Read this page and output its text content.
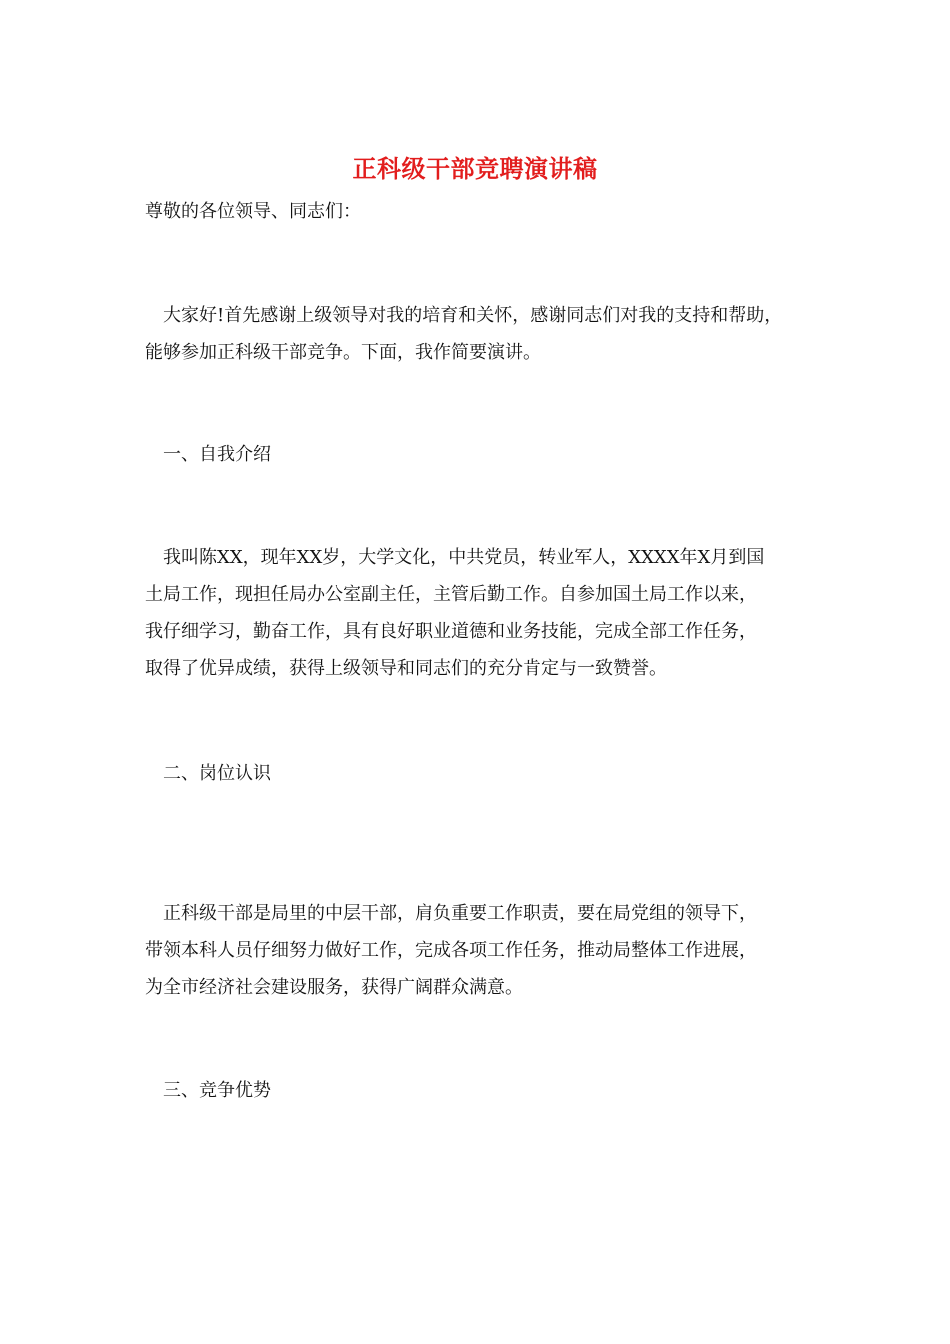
正科级干部竞聘演讲稿
尊敬的各位领导、同志们：
大家好!首先感谢上级领导对我的培育和关怀，感谢同志们对我的支持和帮助，
能够参加正科级干部竞争。下面，我作简要演讲。
一、自我介绍
我叫陈XX，现年XX岁，大学文化，中共党员，转业军人，XXXX年X月到国
土局工作，现担任局办公室副主任，主管后勤工作。自参加国土局工作以来，
我仔细学习，勤奋工作，具有良好职业道德和业务技能，完成全部工作任务，
取得了优异成绩，获得上级领导和同志们的充分肯定与一致赞誉。
二、岗位认识
正科级干部是局里的中层干部，肩负重要工作职责，要在局党组的领导下，
带领本科人员仔细努力做好工作，完成各项工作任务，推动局整体工作进展，
为全市经济社会建设服务，获得广阔群众满意。
三、竞争优势
